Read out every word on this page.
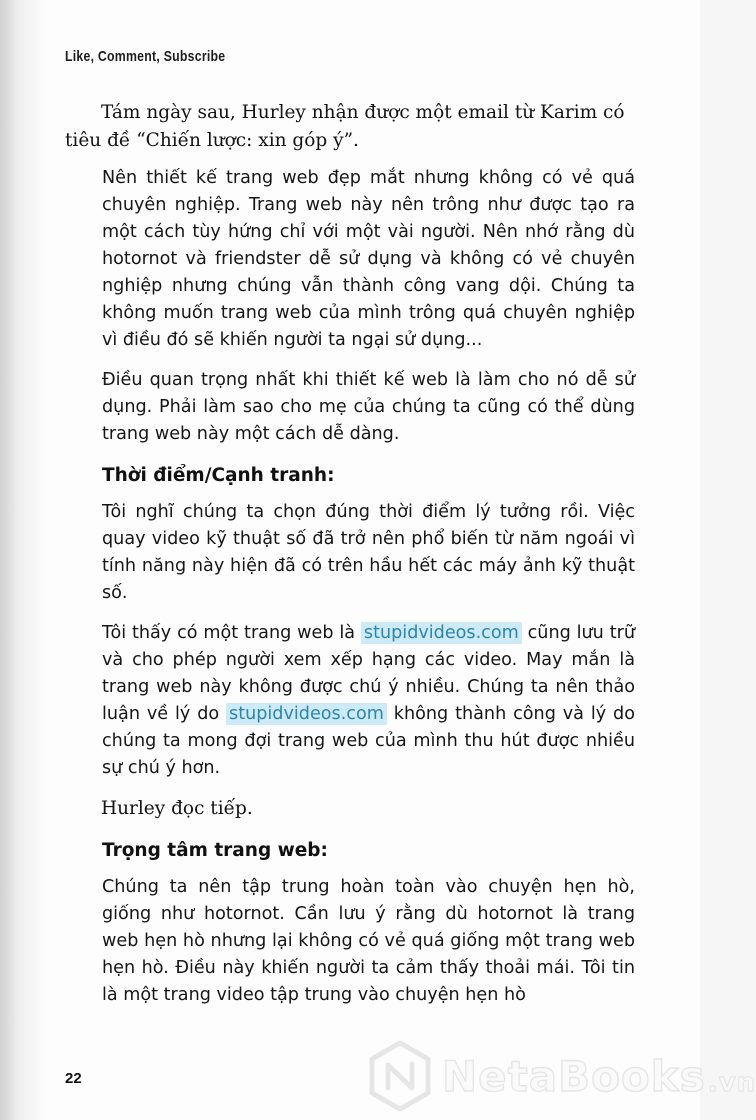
Like, Comment, Subscribe

Tám ngày sau, Hurley nhận được một email từ Karim có tiêu đề “Chiến lược: xin góp ý”.

Nên thiết kế trang web đẹp mắt nhưng không có vẻ quá chuyên nghiệp. Trang web này nên trông như được tạo ra một cách tùy hứng chỉ với một vài người. Nên nhớ rằng dù hotornot và friendster dễ sử dụng và không có vẻ chuyên nghiệp nhưng chúng vẫn thành công vang dội. Chúng ta không muốn trang web của mình trông quá chuyên nghiệp vì điều đó sẽ khiến người ta ngại sử dụng...

Điều quan trọng nhất khi thiết kế web là làm cho nó dễ sử dụng. Phải làm sao cho mẹ của chúng ta cũng có thể dùng trang web này một cách dễ dàng.

Thời điểm/Cạnh tranh:

Tôi nghĩ chúng ta chọn đúng thời điểm lý tưởng rồi. Việc quay video kỹ thuật số đã trở nên phổ biến từ năm ngoái vì tính năng này hiện đã có trên hầu hết các máy ảnh kỹ thuật số.

Tôi thấy có một trang web là stupidvideos.com cũng lưu trữ và cho phép người xem xếp hạng các video. May mắn là trang web này không được chú ý nhiều. Chúng ta nên thảo luận về lý do stupidvideos.com không thành công và lý do chúng ta mong đợi trang web của mình thu hút được nhiều sự chú ý hơn.

Hurley đọc tiếp.

Trọng tâm trang web:

Chúng ta nên tập trung hoàn toàn vào chuyện hẹn hò, giống như hotornot. Cần lưu ý rằng dù hotornot là trang web hẹn hò nhưng lại không có vẻ quá giống một trang web hẹn hò. Điều này khiến người ta cảm thấy thoải mái. Tôi tin là một trang video tập trung vào chuyện hẹn hò

22	NetaBooks.vn
